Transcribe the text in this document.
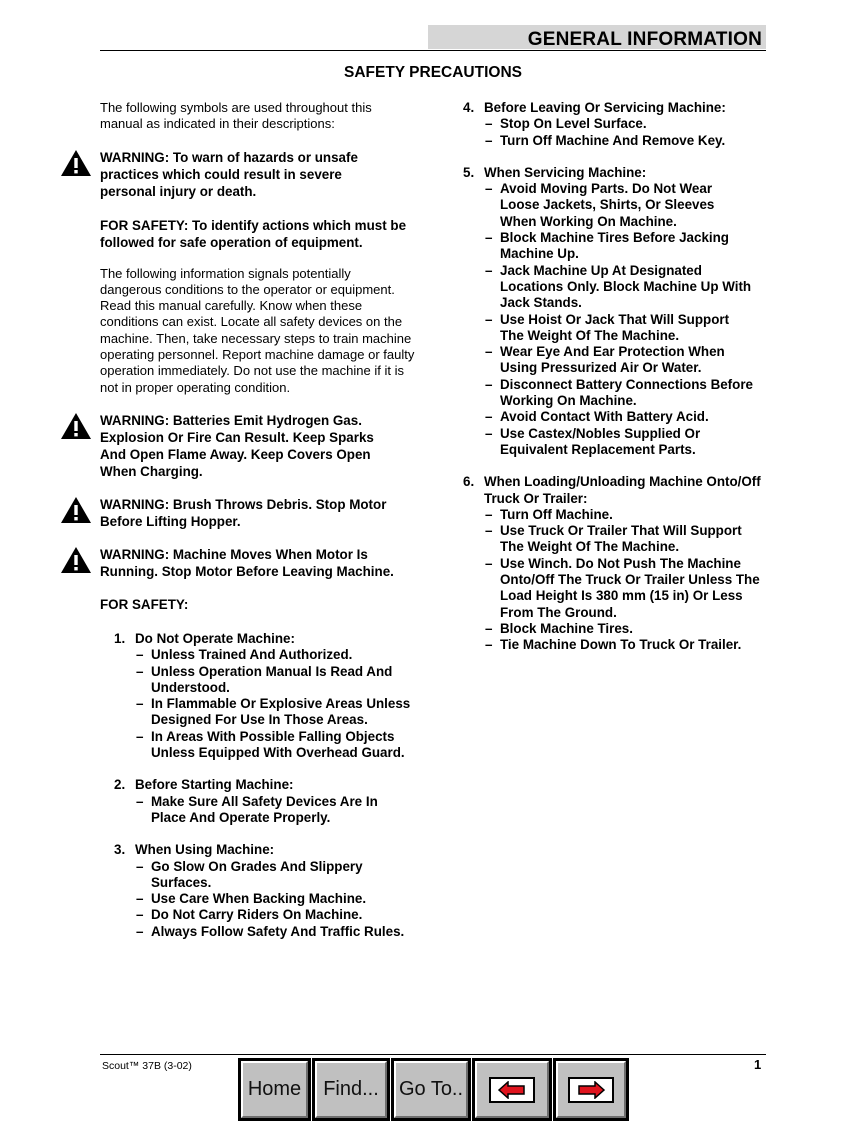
GENERAL INFORMATION
SAFETY PRECAUTIONS

The following symbols are used throughout this manual as indicated in their descriptions:

WARNING: To warn of hazards or unsafe practices which could result in severe personal injury or death.
FOR SAFETY: To identify actions which must be followed for safe operation of equipment.

The following information signals potentially dangerous conditions to the operator or equipment. Read this manual carefully. Know when these conditions can exist. Locate all safety devices on the machine. Then, take necessary steps to train machine operating personnel. Report machine damage or faulty operation immediately. Do not use the machine if it is not in proper operating condition.

WARNING: Batteries Emit Hydrogen Gas. Explosion Or Fire Can Result. Keep Sparks And Open Flame Away. Keep Covers Open When Charging.
WARNING: Brush Throws Debris. Stop Motor Before Lifting Hopper.
WARNING: Machine Moves When Motor Is Running. Stop Motor Before Leaving Machine.
FOR SAFETY:
1. Do Not Operate Machine:
– Unless Trained And Authorized.
– Unless Operation Manual Is Read And Understood.
– In Flammable Or Explosive Areas Unless Designed For Use In Those Areas.
– In Areas With Possible Falling Objects Unless Equipped With Overhead Guard.
2. Before Starting Machine:
– Make Sure All Safety Devices Are In Place And Operate Properly.
3. When Using Machine:
– Go Slow On Grades And Slippery Surfaces.
– Use Care When Backing Machine.
– Do Not Carry Riders On Machine.
– Always Follow Safety And Traffic Rules.
4. Before Leaving Or Servicing Machine:
– Stop On Level Surface.
– Turn Off Machine And Remove Key.
5. When Servicing Machine:
– Avoid Moving Parts. Do Not Wear Loose Jackets, Shirts, Or Sleeves When Working On Machine.
– Block Machine Tires Before Jacking Machine Up.
– Jack Machine Up At Designated Locations Only. Block Machine Up With Jack Stands.
– Use Hoist Or Jack That Will Support The Weight Of The Machine.
– Wear Eye And Ear Protection When Using Pressurized Air Or Water.
– Disconnect Battery Connections Before Working On Machine.
– Avoid Contact With Battery Acid.
– Use Castex/Nobles Supplied Or Equivalent Replacement Parts.
6. When Loading/Unloading Machine Onto/Off Truck Or Trailer:
– Turn Off Machine.
– Use Truck Or Trailer That Will Support The Weight Of The Machine.
– Use Winch. Do Not Push The Machine Onto/Off The Truck Or Trailer Unless The Load Height Is 380 mm (15 in) Or Less From The Ground.
– Block Machine Tires.
– Tie Machine Down To Truck Or Trailer.
Scout™ 37B (3-02)	1
Home Find... Go To..
